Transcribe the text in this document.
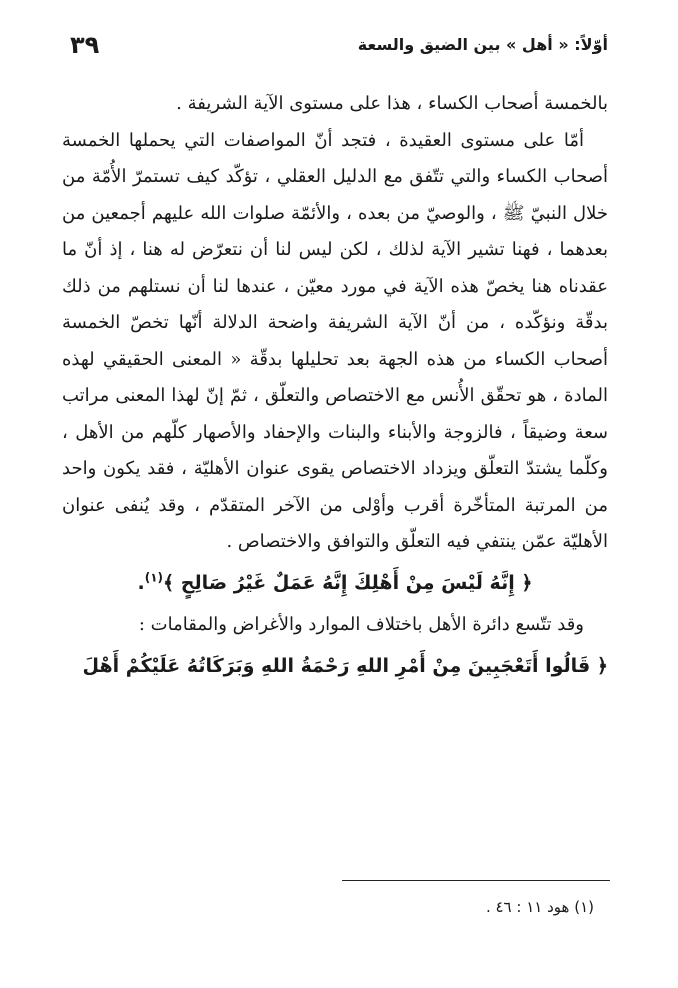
أوّلاً: « أهل » بين الضيق والسعة
٣٩

بالخمسة أصحاب الكساء ، هذا على مستوى الآية الشريفة .

أمّا على مستوى العقيدة ، فتجد أنّ المواصفات التي يحملها الخمسة أصحاب الكساء والتي تتّفق مع الدليل العقلي ، تؤكّد كيف تستمرّ الأُمّة من خلال النبيّ ﷺ ، والوصيّ من بعده ، والأئمّة صلوات الله عليهم أجمعين من بعدهما ، فهنا تشير الآية لذلك ، لكن ليس لنا أن نتعرّض له هنا ، إذ أنّ ما عقدناه هنا يخصّ هذه الآية في مورد معيّن ، عندها لنا أن نستلهم من ذلك بدقّة ونؤكّده ، من أنّ الآية الشريفة واضحة الدلالة أنّها تخصّ الخمسة أصحاب الكساء من هذه الجهة بعد تحليلها بدقّة « المعنى الحقيقي لهذه المادة ، هو تحقّق الأُنس مع الاختصاص والتعلّق ، ثمّ إنّ لهذا المعنى مراتب سعة وضيقاً ، فالزوجة والأبناء والبنات والإحفاد والأصهار كلّهم من الأهل ، وكلّما يشتدّ التعلّق ويزداد الاختصاص يقوى عنوان الأهليّة ، فقد يكون واحد من المرتبة المتأخّرة أقرب وأوْلى من الآخر المتقدّم ، وقد يُنفى عنوان الأهليّة عمّن ينتفي فيه التعلّق والتوافق والاختصاص .

﴿ إِنَّهُ لَيْسَ مِنْ أَهْلِكَ إِنَّهُ عَمَلٌ غَيْرُ صَالِحٍ ﴾$^{(١)}$.

وقد تتّسع دائرة الأهل باختلاف الموارد والأغراض والمقامات :

﴿ قَالُوا أَتَعْجَبِينَ مِنْ أَمْرِ اللهِ رَحْمَةُ اللهِ وَبَرَكَاتُهُ عَلَيْكُمْ أَهْلَ

(١) هود ١١ : ٤٦ .
